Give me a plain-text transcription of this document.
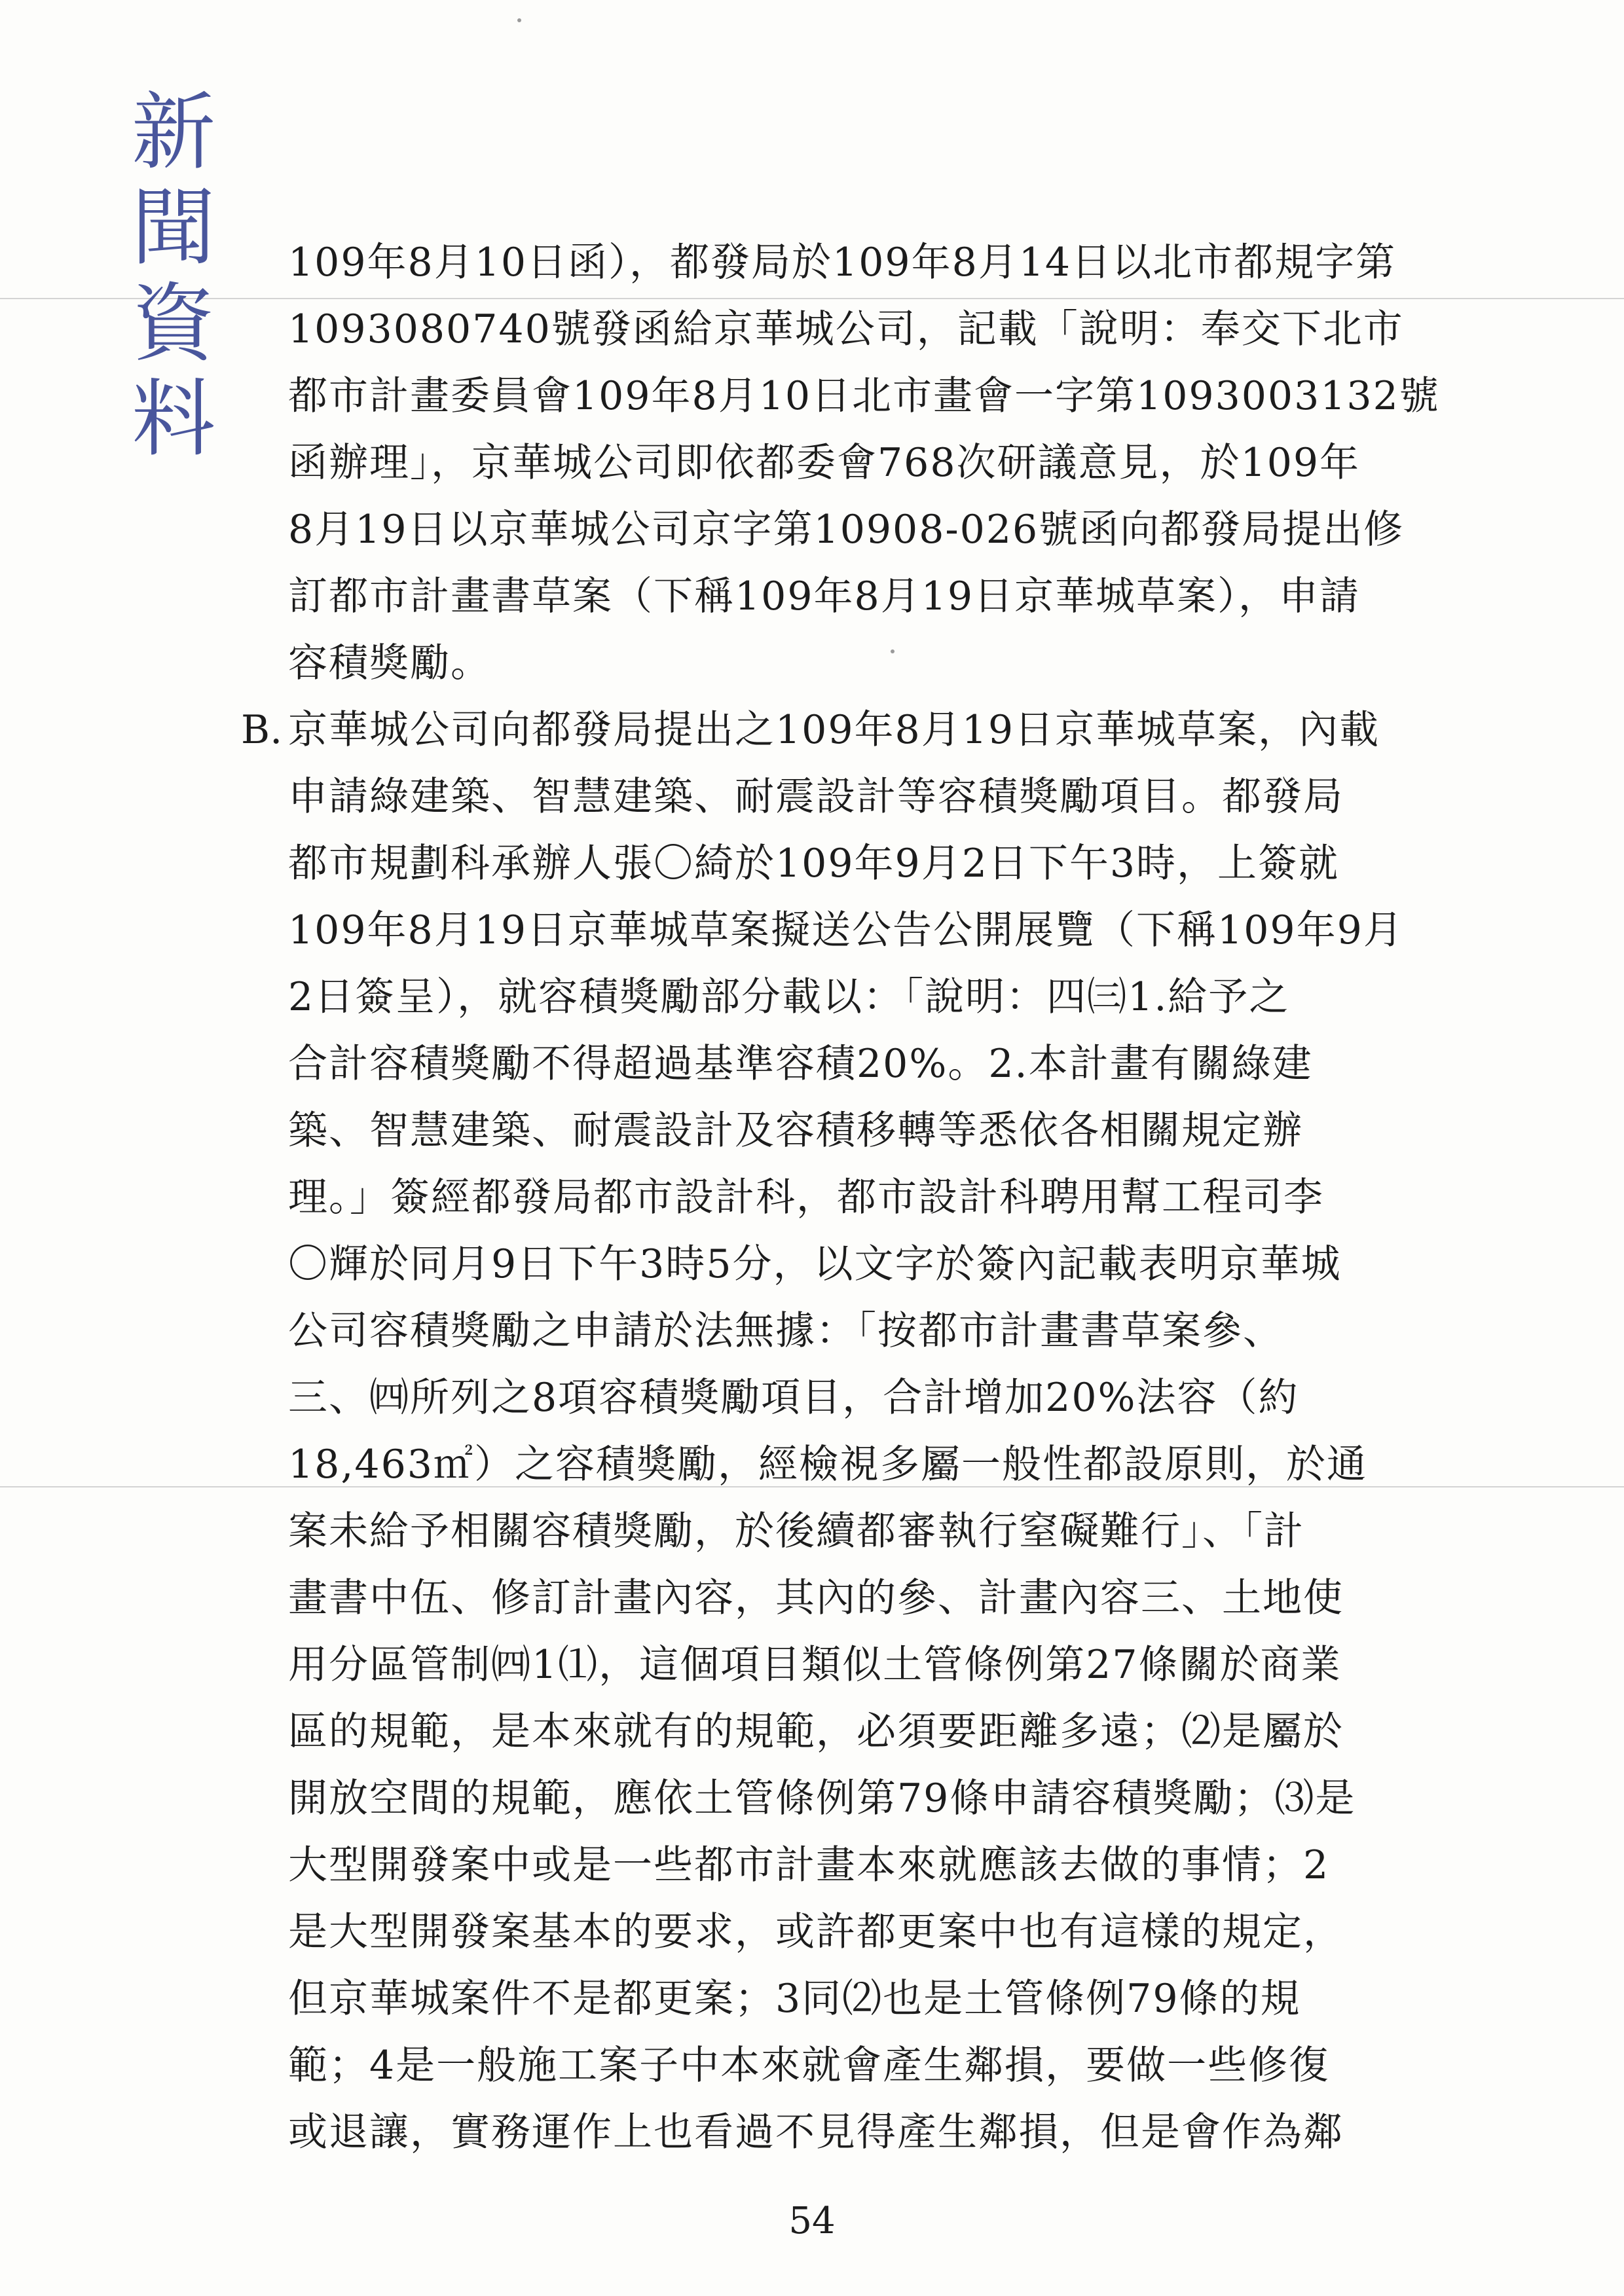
新
聞
資
料
B.
109年8月10日函），都發局於109年8月14日以北市都規字第
1093080740號發函給京華城公司，記載「說明：奉交下北市
都市計畫委員會109年8月10日北市畫會一字第1093003132號
函辦理」，京華城公司即依都委會768次研議意見，於109年
8月19日以京華城公司京字第10908-026號函向都發局提出修
訂都市計畫書草案（下稱109年8月19日京華城草案），申請
容積獎勵。
京華城公司向都發局提出之109年8月19日京華城草案，內載
申請綠建築、智慧建築、耐震設計等容積獎勵項目。都發局
都市規劃科承辦人張〇綺於109年9月2日下午3時，上簽就
109年8月19日京華城草案擬送公告公開展覽（下稱109年9月
2日簽呈），就容積獎勵部分載以：「說明：四㈢1.給予之
合計容積獎勵不得超過基準容積20%。2.本計畫有關綠建
築、智慧建築、耐震設計及容積移轉等悉依各相關規定辦
理。」簽經都發局都市設計科，都市設計科聘用幫工程司李
〇輝於同月9日下午3時5分，以文字於簽內記載表明京華城
公司容積獎勵之申請於法無據：「按都市計畫書草案參、
三、㈣所列之8項容積獎勵項目，合計增加20%法容（約
18,463㎡）之容積獎勵，經檢視多屬一般性都設原則，於通
案未給予相關容積獎勵，於後續都審執行窒礙難行」、「計
畫書中伍、修訂計畫內容，其內的參、計畫內容三、土地使
用分區管制㈣1⑴，這個項目類似土管條例第27條關於商業
區的規範，是本來就有的規範，必須要距離多遠；⑵是屬於
開放空間的規範，應依土管條例第79條申請容積獎勵；⑶是
大型開發案中或是一些都市計畫本來就應該去做的事情；2
是大型開發案基本的要求，或許都更案中也有這樣的規定，
但京華城案件不是都更案；3同⑵也是土管條例79條的規
範；4是一般施工案子中本來就會產生鄰損，要做一些修復
或退讓，實務運作上也看過不見得產生鄰損，但是會作為鄰
54
